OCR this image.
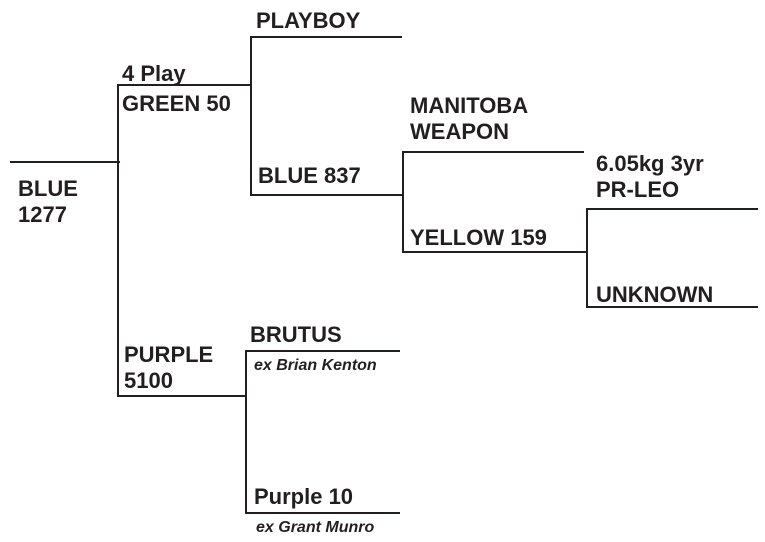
BLUE
1277
4 Play
GREEN 50
PURPLE
5100
PLAYBOY
BLUE 837
MANITOBA
WEAPON
YELLOW 159
6.05kg 3yr
PR-LEO
UNKNOWN
BRUTUS
ex Brian Kenton
Purple 10
ex Grant Munro
